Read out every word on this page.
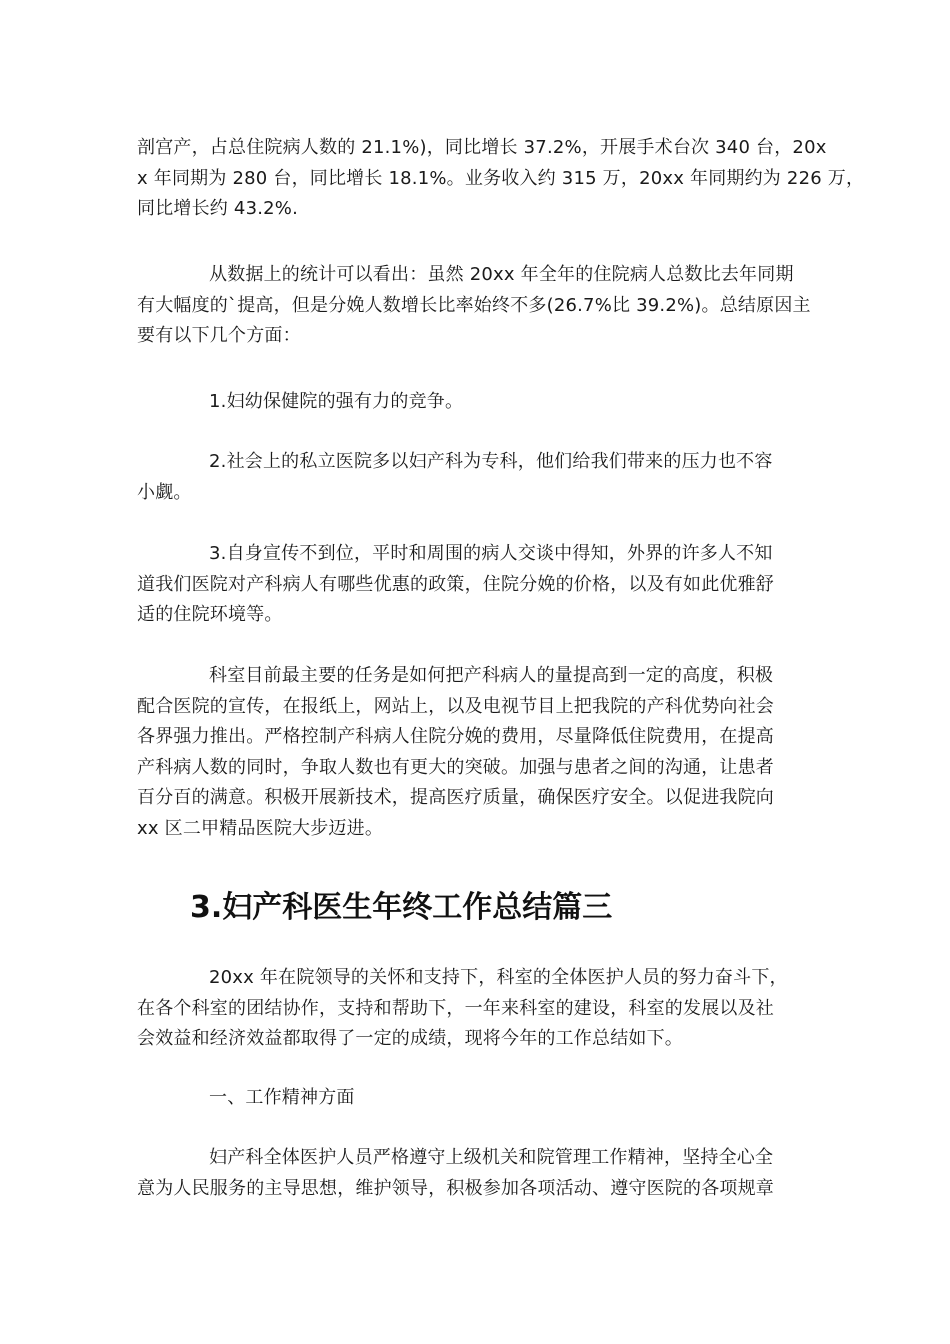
剖宫产，占总住院病人数的 21.1%)，同比增长 37.2%，开展手术台次 340 台，20x
x 年同期为 280 台，同比增长 18.1%。业务收入约 315 万，20xx 年同期约为 226 万，
同比增长约 43.2%.

从数据上的统计可以看出：虽然 20xx 年全年的住院病人总数比去年同期
有大幅度的`提高，但是分娩人数增长比率始终不多(26.7%比 39.2%)。总结原因主
要有以下几个方面：

1.妇幼保健院的强有力的竞争。

2.社会上的私立医院多以妇产科为专科，他们给我们带来的压力也不容
小觑。

3.自身宣传不到位，平时和周围的病人交谈中得知，外界的许多人不知
道我们医院对产科病人有哪些优惠的政策，住院分娩的价格，以及有如此优雅舒
适的住院环境等。

科室目前最主要的任务是如何把产科病人的量提高到一定的高度，积极
配合医院的宣传，在报纸上，网站上，以及电视节目上把我院的产科优势向社会
各界强力推出。严格控制产科病人住院分娩的费用，尽量降低住院费用，在提高
产科病人数的同时，争取人数也有更大的突破。加强与患者之间的沟通，让患者
百分百的满意。积极开展新技术，提高医疗质量，确保医疗安全。以促进我院向
xx 区二甲精品医院大步迈进。

3.妇产科医生年终工作总结篇三

20xx 年在院领导的关怀和支持下，科室的全体医护人员的努力奋斗下，
在各个科室的团结协作，支持和帮助下，一年来科室的建设，科室的发展以及社
会效益和经济效益都取得了一定的成绩，现将今年的工作总结如下。

一、工作精神方面

妇产科全体医护人员严格遵守上级机关和院管理工作精神，坚持全心全
意为人民服务的主导思想，维护领导，积极参加各项活动、遵守医院的各项规章
